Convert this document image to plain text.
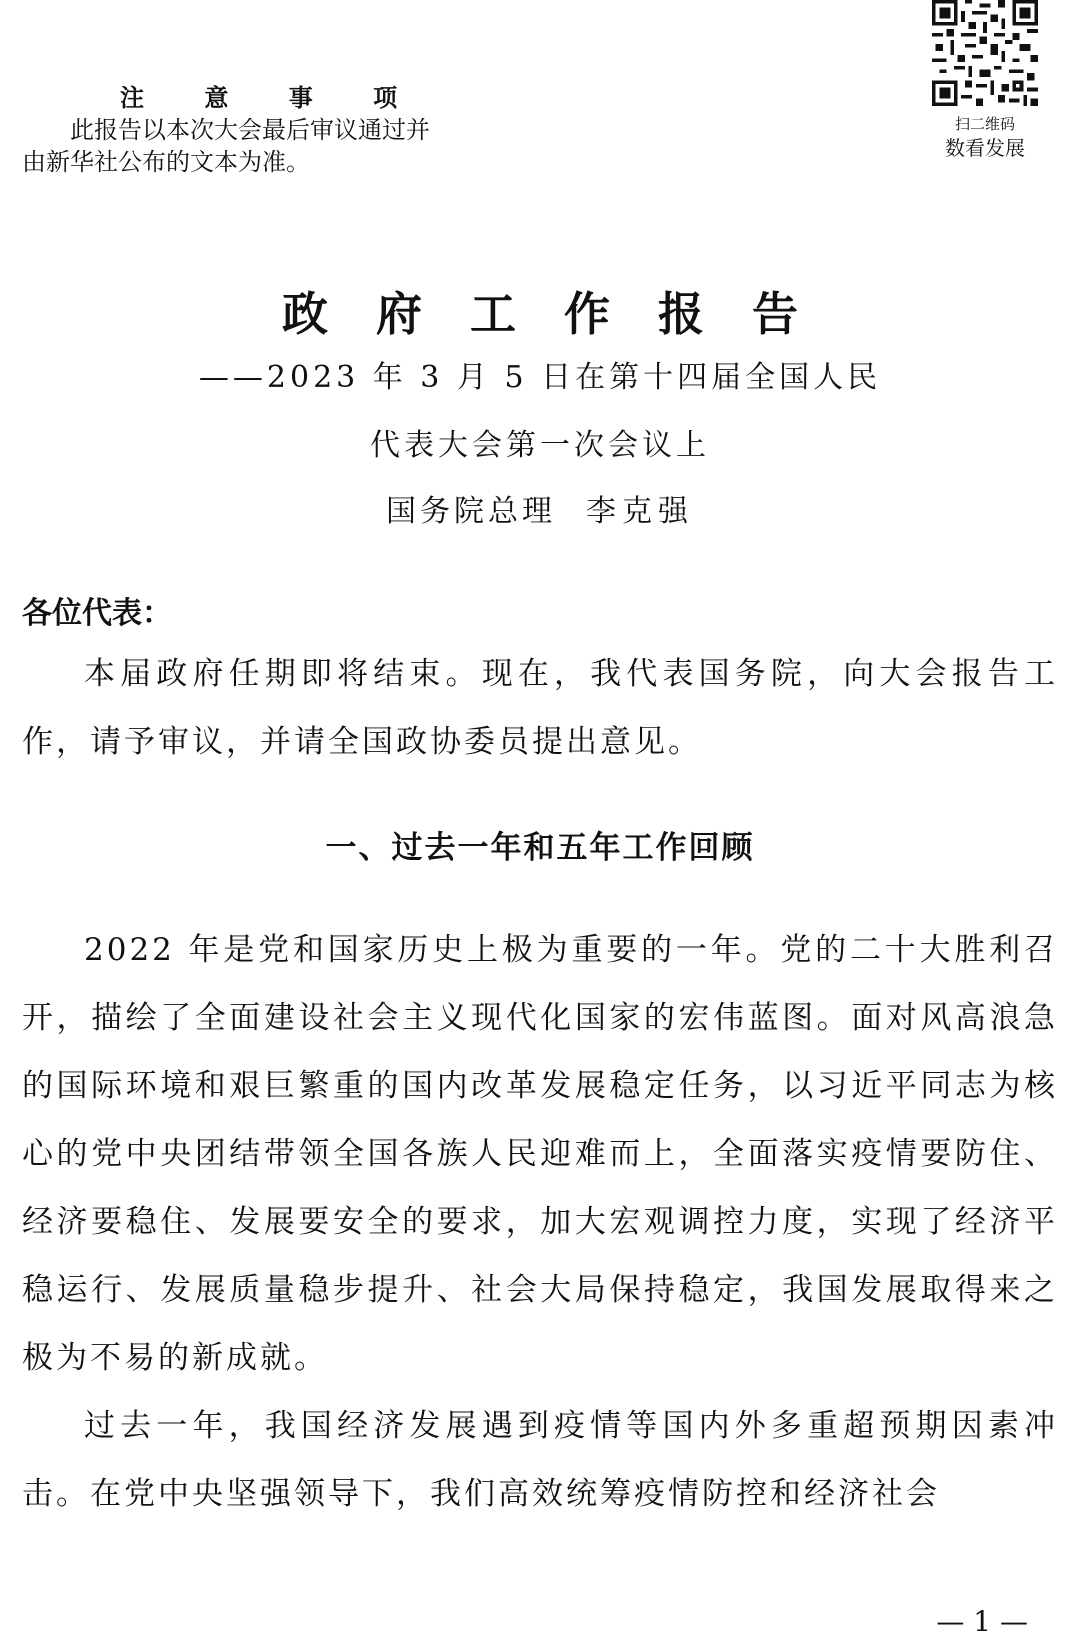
注 意 事 项
此报告以本次大会最后审议通过并由新华社公布的文本为准。
扫二维码
数看发展
政府工作报告
——2023 年 3 月 5 日在第十四届全国人民
代表大会第一次会议上
国务院总理 李克强
各位代表：

本届政府任期即将结束。现在，我代表国务院，向大会报告工作，请予审议，并请全国政协委员提出意见。

一、过去一年和五年工作回顾

2022 年是党和国家历史上极为重要的一年。党的二十大胜利召开，描绘了全面建设社会主义现代化国家的宏伟蓝图。面对风高浪急的国际环境和艰巨繁重的国内改革发展稳定任务，以习近平同志为核心的党中央团结带领全国各族人民迎难而上，全面落实疫情要防住、经济要稳住、发展要安全的要求，加大宏观调控力度，实现了经济平稳运行、发展质量稳步提升、社会大局保持稳定，我国发展取得来之极为不易的新成就。

过去一年，我国经济发展遇到疫情等国内外多重超预期因素冲击。在党中央坚强领导下，我们高效统筹疫情防控和经济社会

— 1 —
